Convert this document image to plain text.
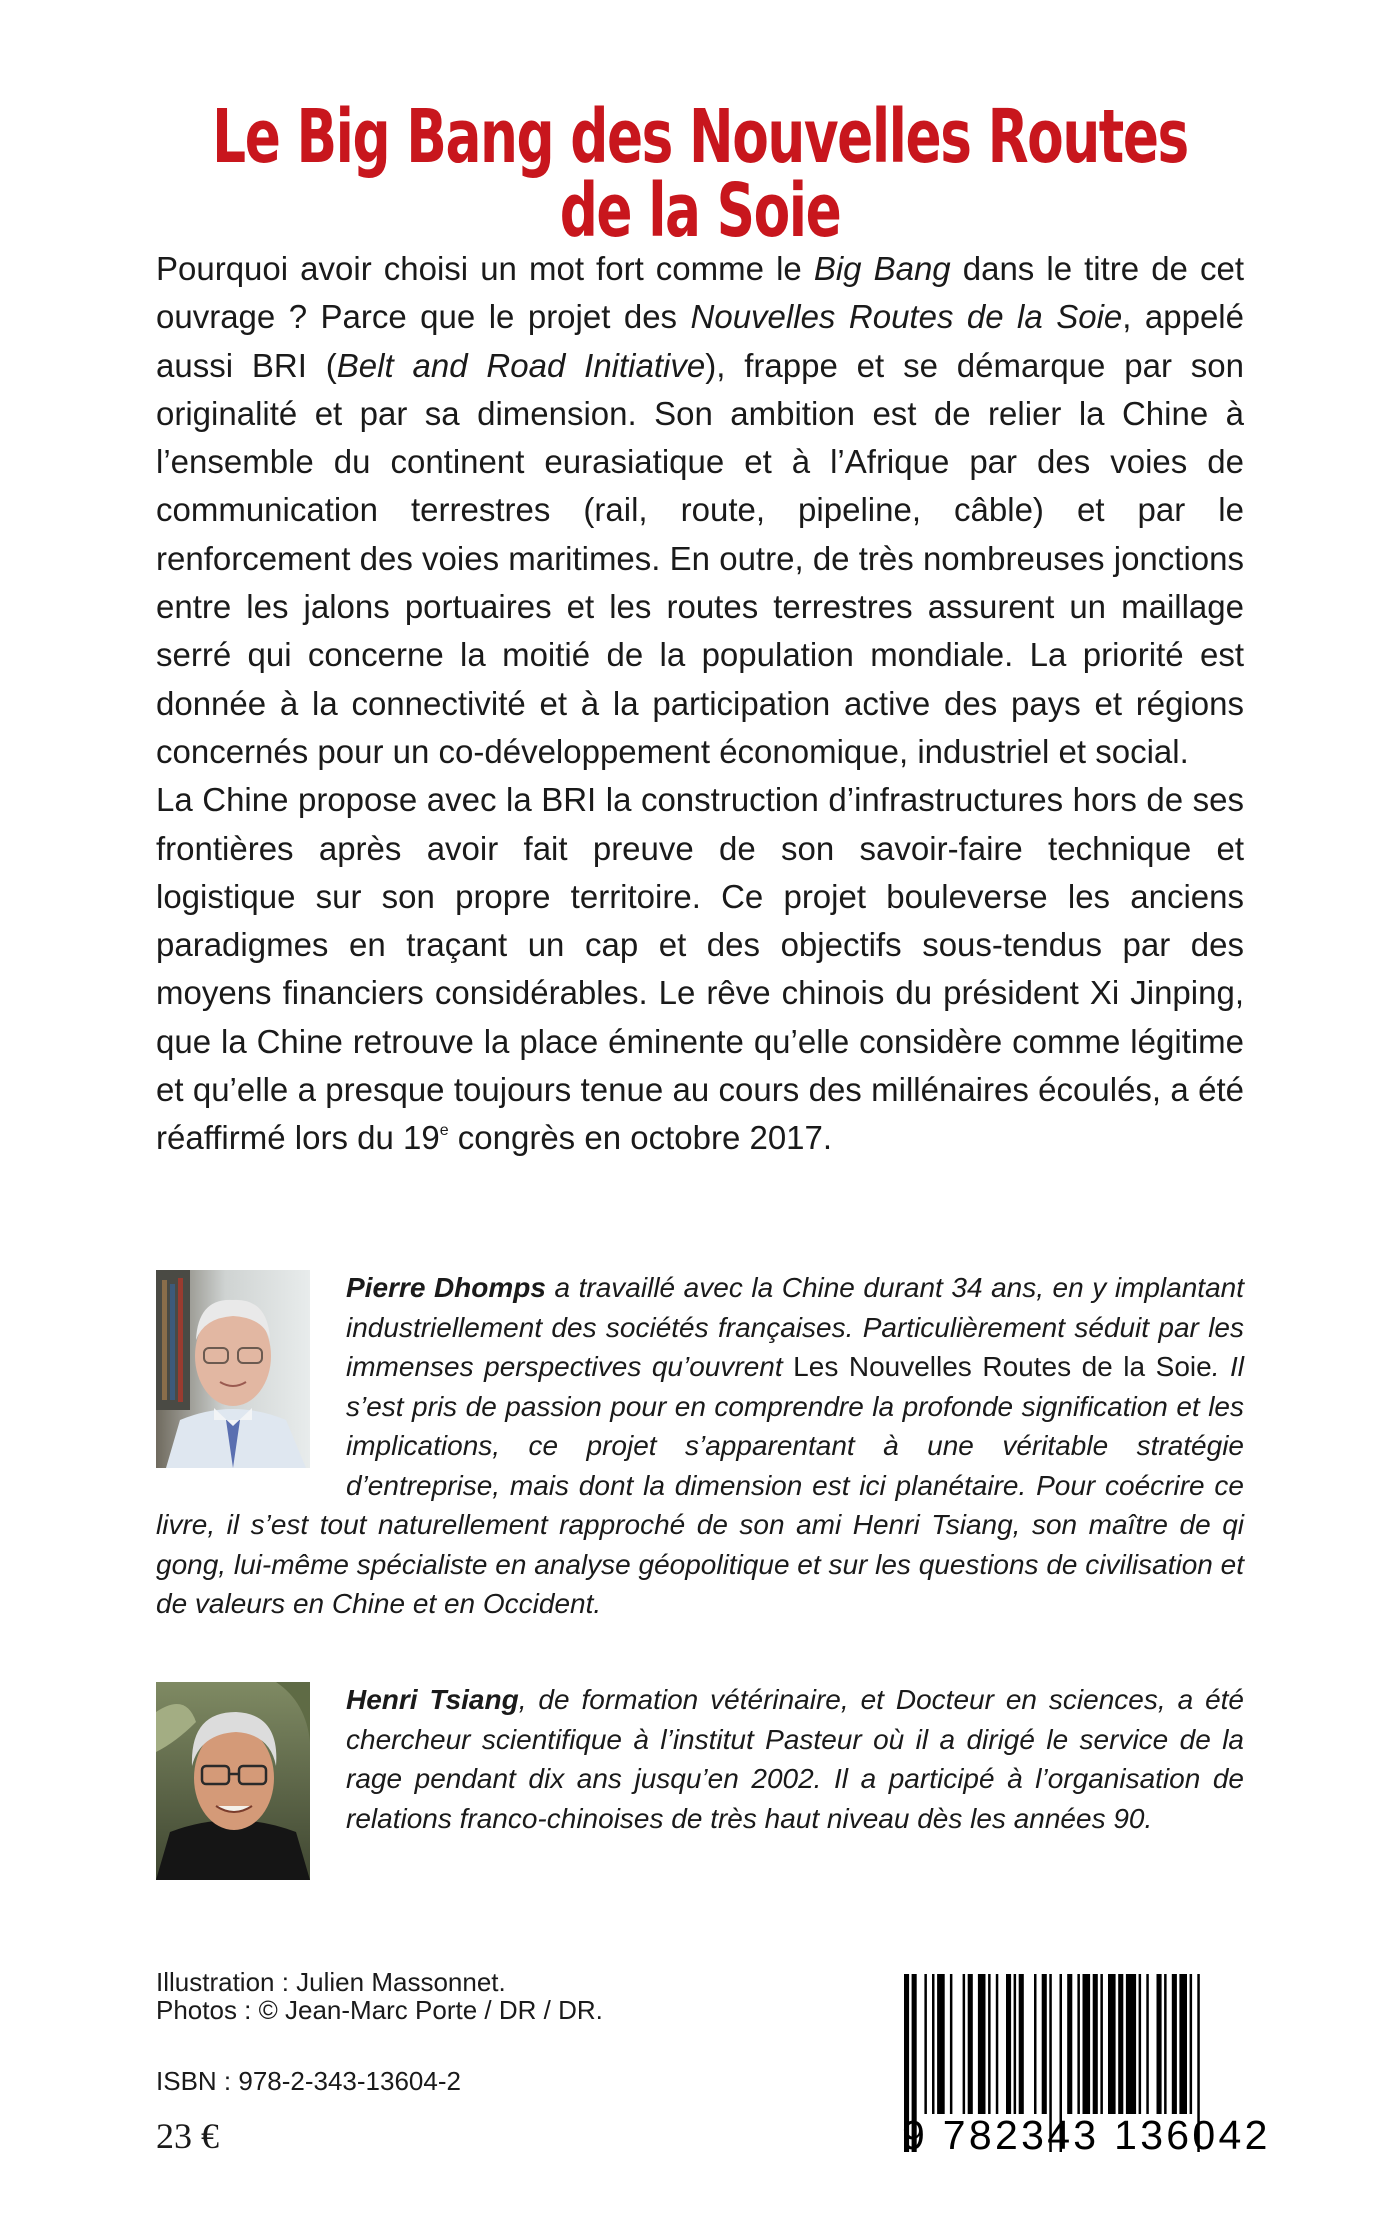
Le Big Bang des Nouvelles Routes de la Soie

Pourquoi avoir choisi un mot fort comme le Big Bang dans le titre de cet ouvrage ? Parce que le projet des Nouvelles Routes de la Soie, appelé aussi BRI (Belt and Road Initiative), frappe et se démarque par son originalité et par sa dimension. Son ambition est de relier la Chine à l’ensemble du continent eurasiatique et à l’Afrique par des voies de communication terrestres (rail, route, pipeline, câble) et par le renforcement des voies maritimes. En outre, de très nombreuses jonctions entre les jalons portuaires et les routes terrestres assurent un maillage serré qui concerne la moitié de la population mondiale. La priorité est donnée à la connectivité et à la participation active des pays et régions concernés pour un co-développement économique, industriel et social.

La Chine propose avec la BRI la construction d’infrastructures hors de ses frontières après avoir fait preuve de son savoir-faire technique et logistique sur son propre territoire. Ce projet bouleverse les anciens paradigmes en traçant un cap et des objectifs sous-tendus par des moyens financiers considérables. Le rêve chinois du président Xi Jinping, que la Chine retrouve la place éminente qu’elle considère comme légitime et qu’elle a presque toujours tenue au cours des millénaires écoulés, a été réaffirmé lors du 19e congrès en octobre 2017.

Pierre Dhomps a travaillé avec la Chine durant 34 ans, en y implantant industriellement des sociétés françaises. Particulièrement séduit par les immenses perspectives qu’ouvrent Les Nouvelles Routes de la Soie. Il s’est pris de passion pour en comprendre la profonde signification et les implications, ce projet s’apparentant à une véritable stratégie d’entreprise, mais dont la dimension est ici planétaire. Pour coécrire ce livre, il s’est tout naturellement rapproché de son ami Henri Tsiang, son maître de qi gong, lui-même spécialiste en analyse géopolitique et sur les questions de civilisation et de valeurs en Chine et en Occident.

Henri Tsiang, de formation vétérinaire, et Docteur en sciences, a été chercheur scientifique à l’institut Pasteur où il a dirigé le service de la rage pendant dix ans jusqu’en 2002. Il a participé à l’organisation de relations franco-chinoises de très haut niveau dès les années 90.

Illustration : Julien Massonnet.
Photos : © Jean-Marc Porte / DR / DR.
ISBN : 978-2-343-13604-2
23 €	9 782343 136042
